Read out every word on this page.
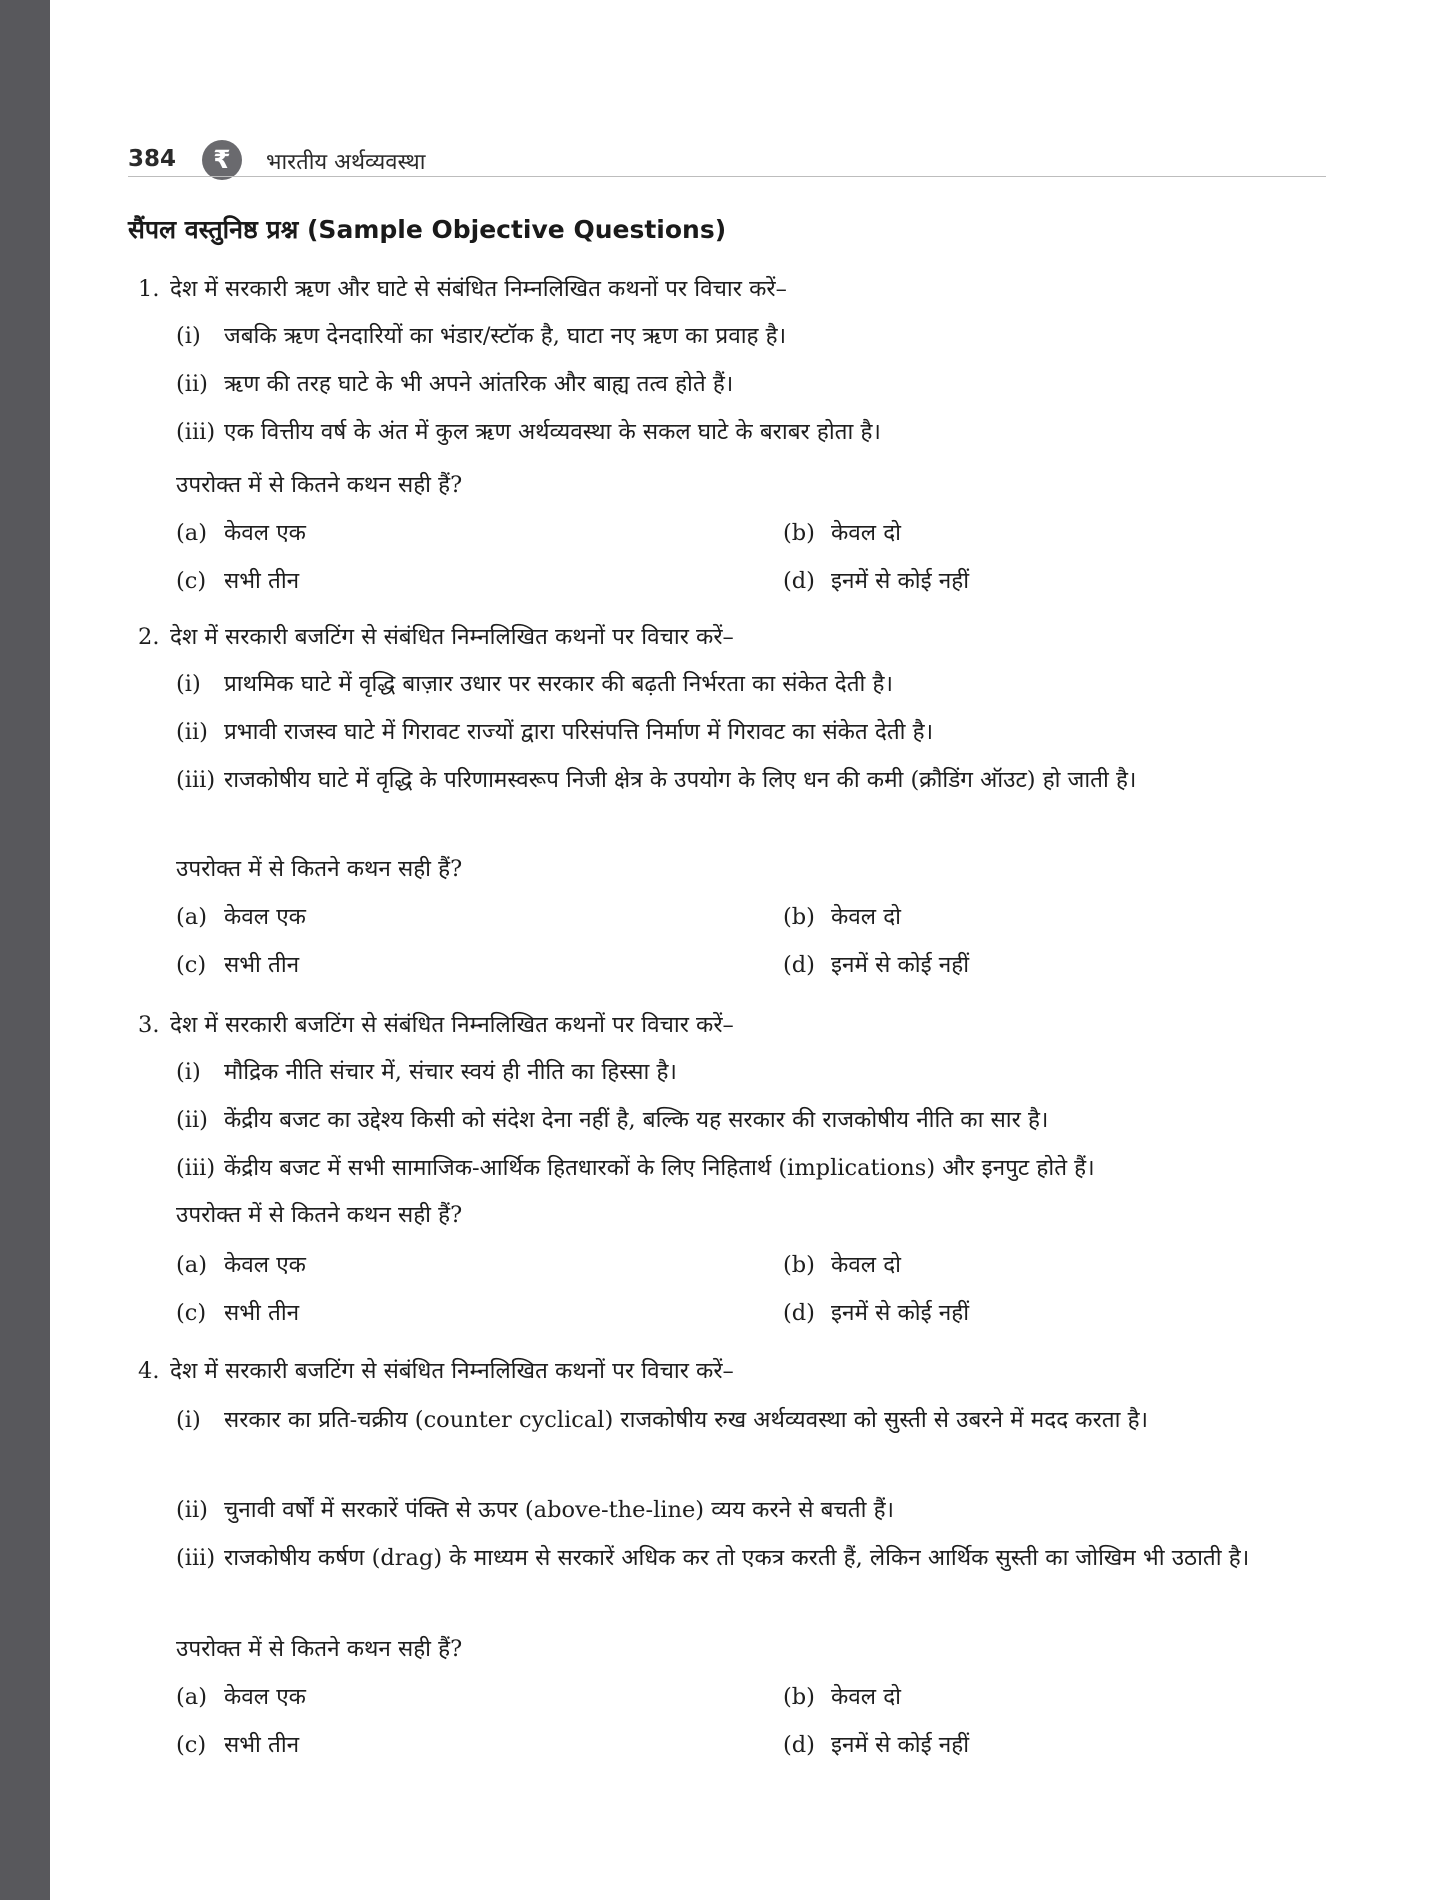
384	₹	भारतीय अर्थव्यवस्था
सैंपल वस्तुनिष्ठ प्रश्न (Sample Objective Questions)
1. देश में सरकारी ऋण और घाटे से संबंधित निम्नलिखित कथनों पर विचार करें–
(i) जबकि ऋण देनदारियों का भंडार/स्टॉक है, घाटा नए ऋण का प्रवाह है।
(ii) ऋण की तरह घाटे के भी अपने आंतरिक और बाह्य तत्व होते हैं।
(iii) एक वित्तीय वर्ष के अंत में कुल ऋण अर्थव्यवस्था के सकल घाटे के बराबर होता है।
उपरोक्त में से कितने कथन सही हैं?
(a) केवल एक	(b) केवल दो
(c) सभी तीन	(d) इनमें से कोई नहीं
2. देश में सरकारी बजटिंग से संबंधित निम्नलिखित कथनों पर विचार करें–
(i) प्राथमिक घाटे में वृद्धि बाज़ार उधार पर सरकार की बढ़ती निर्भरता का संकेत देती है।
(ii) प्रभावी राजस्व घाटे में गिरावट राज्यों द्वारा परिसंपत्ति निर्माण में गिरावट का संकेत देती है।
(iii) राजकोषीय घाटे में वृद्धि के परिणामस्वरूप निजी क्षेत्र के उपयोग के लिए धन की कमी (क्रौडिंग ऑउट) हो जाती है।
उपरोक्त में से कितने कथन सही हैं?
(a) केवल एक	(b) केवल दो
(c) सभी तीन	(d) इनमें से कोई नहीं
3. देश में सरकारी बजटिंग से संबंधित निम्नलिखित कथनों पर विचार करें–
(i) मौद्रिक नीति संचार में, संचार स्वयं ही नीति का हिस्सा है।
(ii) केंद्रीय बजट का उद्देश्य किसी को संदेश देना नहीं है, बल्कि यह सरकार की राजकोषीय नीति का सार है।
(iii) केंद्रीय बजट में सभी सामाजिक-आर्थिक हितधारकों के लिए निहितार्थ (implications) और इनपुट होते हैं।
उपरोक्त में से कितने कथन सही हैं?
(a) केवल एक	(b) केवल दो
(c) सभी तीन	(d) इनमें से कोई नहीं
4. देश में सरकारी बजटिंग से संबंधित निम्नलिखित कथनों पर विचार करें–
(i) सरकार का प्रति-चक्रीय (counter cyclical) राजकोषीय रुख अर्थव्यवस्था को सुस्ती से उबरने में मदद करता है।
(ii) चुनावी वर्षों में सरकारें पंक्ति से ऊपर (above-the-line) व्यय करने से बचती हैं।
(iii) राजकोषीय कर्षण (drag) के माध्यम से सरकारें अधिक कर तो एकत्र करती हैं, लेकिन आर्थिक सुस्ती का जोखिम भी उठाती है।
उपरोक्त में से कितने कथन सही हैं?
(a) केवल एक	(b) केवल दो
(c) सभी तीन	(d) इनमें से कोई नहीं
